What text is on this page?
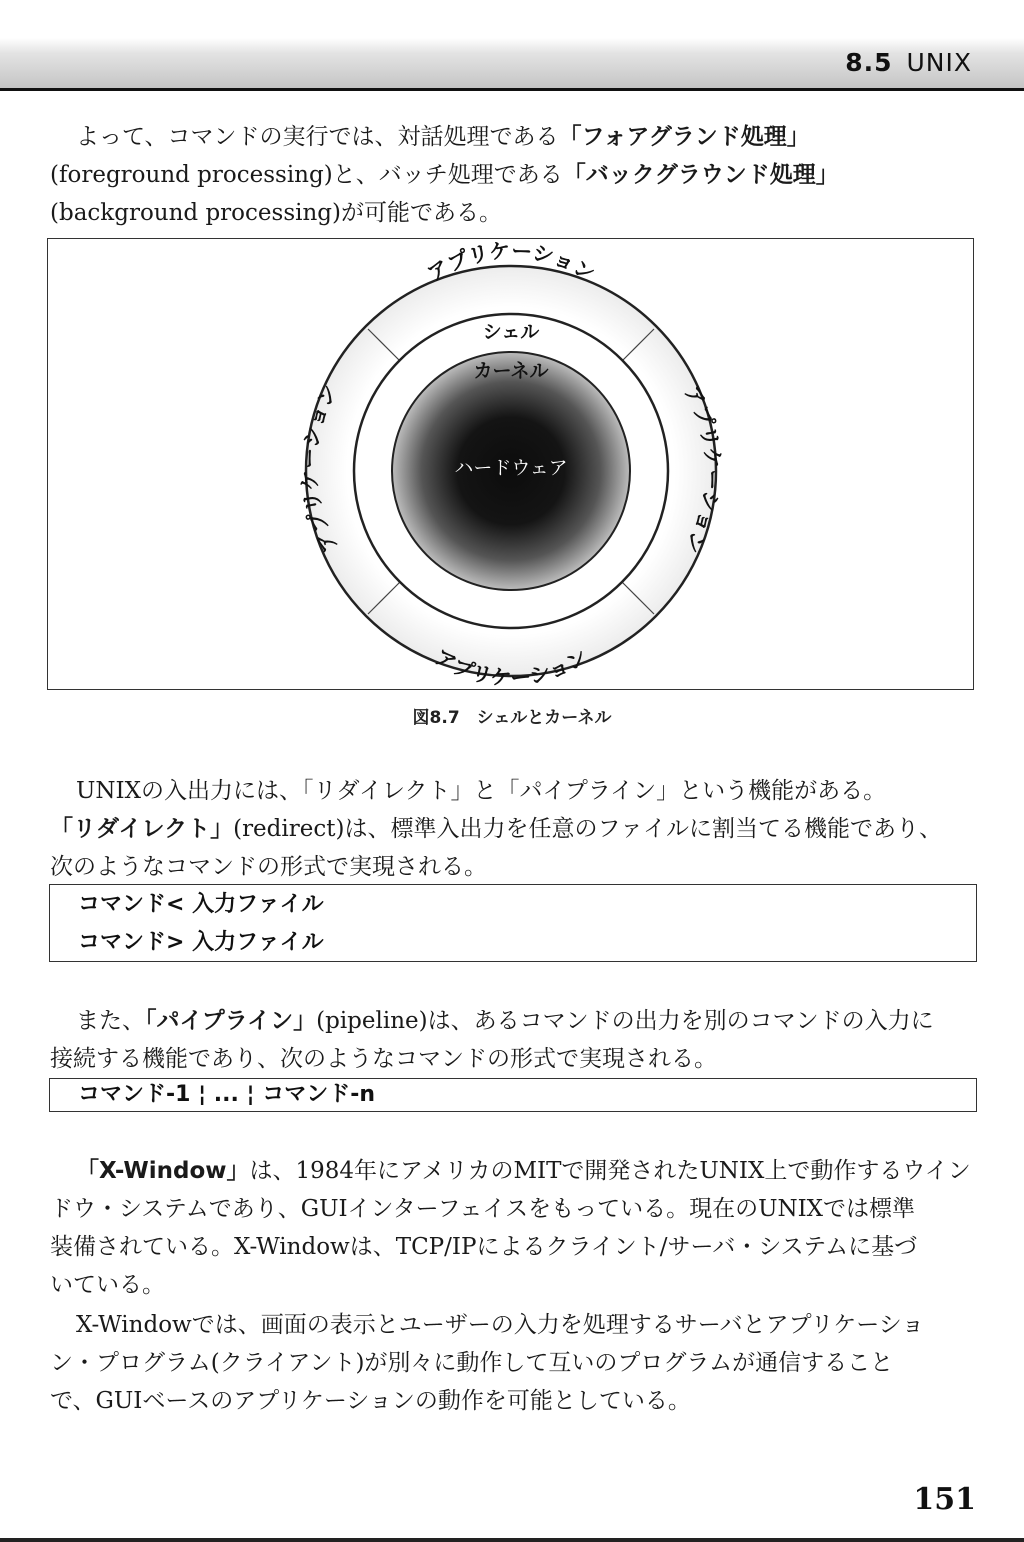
8.5 UNIX

よって、コマンドの実行では、対話処理である「フォアグランド処理」
(foreground processing)と、バッチ処理である「バックグラウンド処理」
(background processing)が可能である。

アプリケーション
アプリケーション
アプリケーション
アプリケーション
シェル
カーネル
ハードウェア
図8.7　シェルとカーネル

UNIXの入出力には、「リダイレクト」と「パイプライン」という機能がある。
「リダイレクト」(redirect)は、標準入出力を任意のファイルに割当てる機能であり、
次のようなコマンドの形式で実現される。

コマンド< 入力ファイル
コマンド> 入力ファイル

また、「パイプライン」(pipeline)は、あるコマンドの出力を別のコマンドの入力に
接続する機能であり、次のようなコマンドの形式で実現される。

コマンド-1 ¦ ... ¦ コマンド-n

「X-Window」は、1984年にアメリカのMITで開発されたUNIX上で動作するウイン
ドウ・システムであり、GUIインターフェイスをもっている。現在のUNIXでは標準
装備されている。X-Windowは、TCP/IPによるクライント/サーバ・システムに基づ
いている。

X-Windowでは、画面の表示とユーザーの入力を処理するサーバとアプリケーショ
ン・プログラム(クライアント)が別々に動作して互いのプログラムが通信すること
で、GUIベースのアプリケーションの動作を可能としている。

151
